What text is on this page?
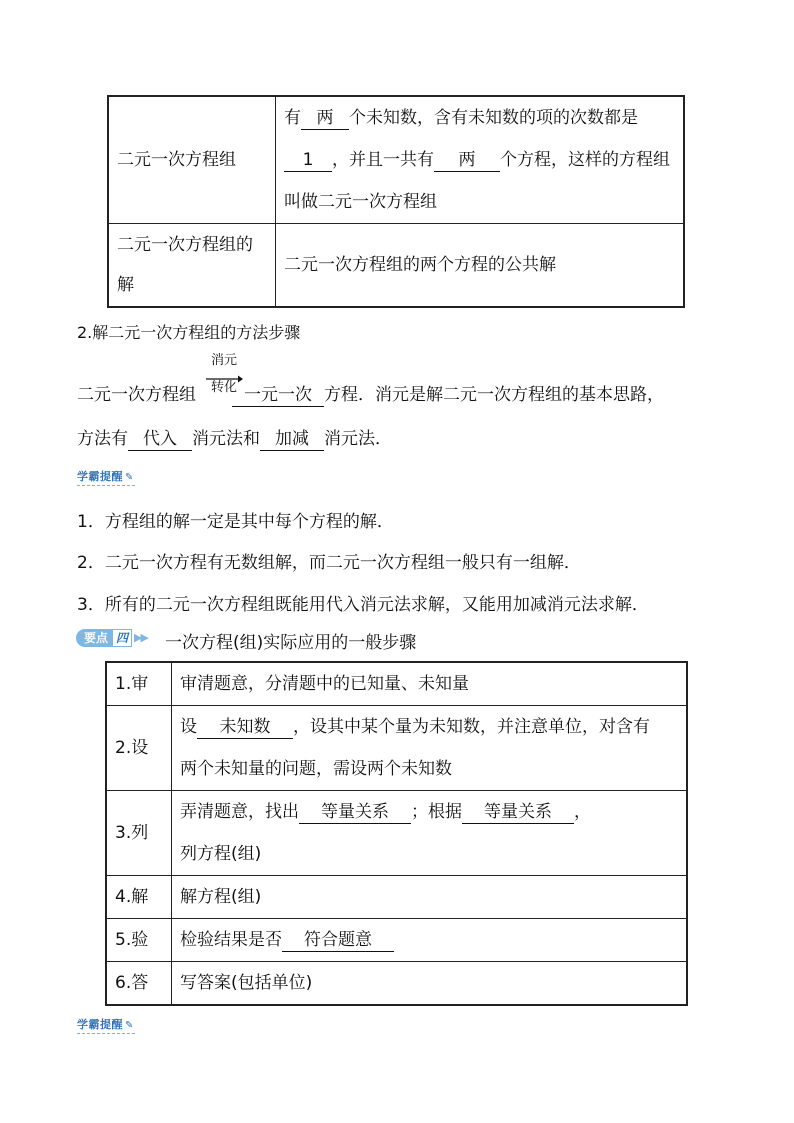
二元一次方程组	有 两 个未知数，含有未知数的项的次数都是
1 ，并且一共有 两 个方程，这样的方程组
叫做二元一次方程组
二元一次方程组的
解	二元一次方程组的两个方程的公共解
2.解二元一次方程组的方法步骤
二元一次方程组	一元一次 方程．消元是解二元一次方程组的基本思路，
消元
转化
方法有 代入 消元法和 加减 消元法．
学霸提醒 ✎
1．方程组的解一定是其中每个方程的解．
2．二元一次方程有无数组解，而二元一次方程组一般只有一组解．
3．所有的二元一次方程组既能用代入消元法求解，又能用加减消元法求解．
要点 四 ▶▶ 一次方程(组)实际应用的一般步骤
1.审	审清题意，分清题中的已知量、未知量
2.设	设 未知数 ，设其中某个量为未知数，并注意单位，对含有
两个未知量的问题，需设两个未知数
3.列	弄清题意，找出 等量关系 ；根据 等量关系 ，
列方程(组)
4.解	解方程(组)
5.验	检验结果是否 符合题意
6.答	写答案(包括单位)
学霸提醒 ✎
